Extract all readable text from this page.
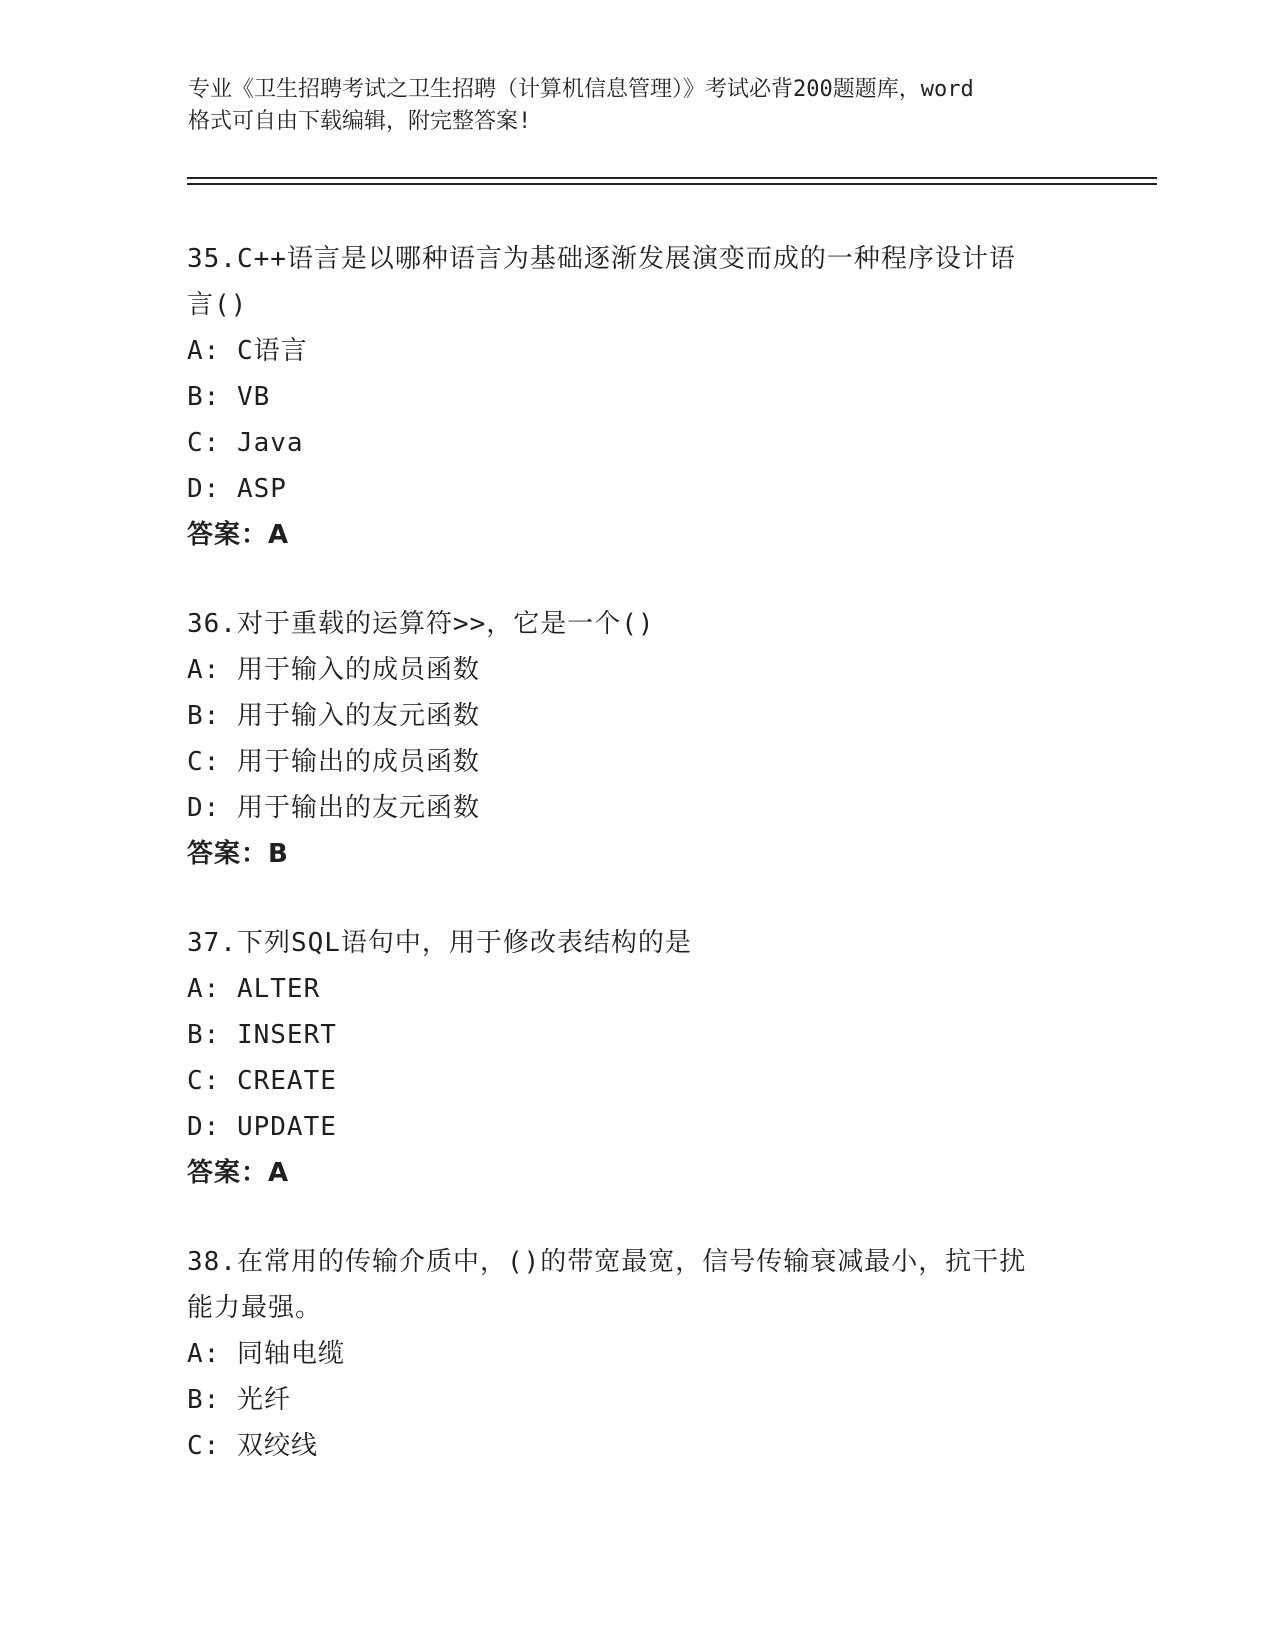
专业《卫生招聘考试之卫生招聘（计算机信息管理）》考试必背200题题库，word
格式可自由下载编辑，附完整答案!
35.C++语言是以哪种语言为基础逐渐发展演变而成的一种程序设计语
言()
A: C语言
B: VB
C: Java
D: ASP
答案：A
36.对于重载的运算符>>，它是一个()
A: 用于输入的成员函数
B: 用于输入的友元函数
C: 用于输出的成员函数
D: 用于输出的友元函数
答案：B
37.下列SQL语句中，用于修改表结构的是
A: ALTER
B: INSERT
C: CREATE
D: UPDATE
答案：A
38.在常用的传输介质中，()的带宽最宽，信号传输衰减最小，抗干扰
能力最强。
A: 同轴电缆
B: 光纤
C: 双绞线
